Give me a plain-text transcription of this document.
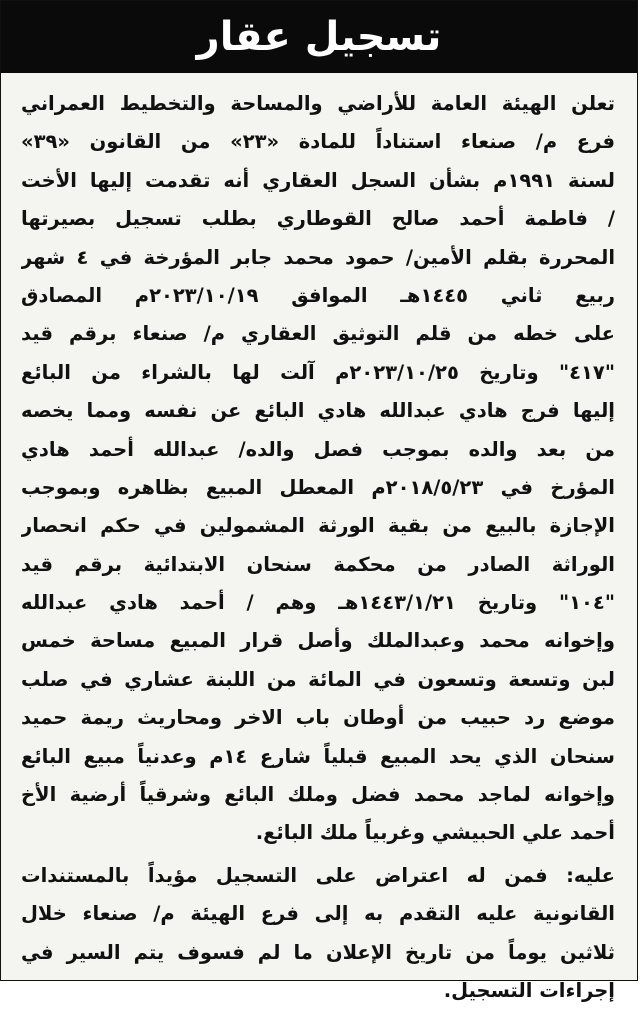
تسجيل عقار
تعلن الهيئة العامة للأراضي والمساحة والتخطيط العمراني
فرع م/ صنعاء استناداً للمادة «٢٣» من القانون «٣٩»
لسنة ١٩٩١م بشأن السجل العقاري أنه تقدمت إليها الأخت
/ فاطمة أحمد صالح القوطاري بطلب تسجيل بصيرتها
المحررة بقلم الأمين/ حمود محمد جابر المؤرخة في ٤ شهر
ربيع ثاني ١٤٤٥هـ الموافق ٢٠٢٣/١٠/١٩م المصادق
على خطه من قلم التوثيق العقاري م/ صنعاء برقم قيد
"٤١٧" وتاريخ ٢٠٢٣/١٠/٢٥م آلت لها بالشراء من البائع
إليها فرج هادي عبدالله هادي البائع عن نفسه ومما يخصه
من بعد والده بموجب فصل والده/ عبدالله أحمد هادي
المؤرخ في ٢٠١٨/٥/٢٣م المعطل المبيع بظاهره وبموجب
الإجازة بالبيع من بقية الورثة المشمولين في حكم انحصار
الوراثة الصادر من محكمة سنحان الابتدائية برقم قيد
"١٠٤" وتاريخ ١٤٤٣/١/٢١هـ وهم / أحمد هادي عبدالله
وإخوانه محمد وعبدالملك وأصل قرار المبيع مساحة خمس
لبن وتسعة وتسعون في المائة من اللبنة عشاري في صلب
موضع رد حبيب من أوطان باب الاخر ومحاريث ريمة حميد
سنحان الذي يحد المبيع قبلياً شارع ١٤م وعدنياً مبيع البائع
وإخوانه لماجد محمد فضل وملك البائع وشرقياً أرضية الأخ
أحمد علي الحبيشي وغربياً ملك البائع.
عليه: فمن له اعتراض على التسجيل مؤيداً بالمستندات
القانونية عليه التقدم به إلى فرع الهيئة م/ صنعاء خلال
ثلاثين يوماً من تاريخ الإعلان ما لم فسوف يتم السير في
إجراءات التسجيل.
